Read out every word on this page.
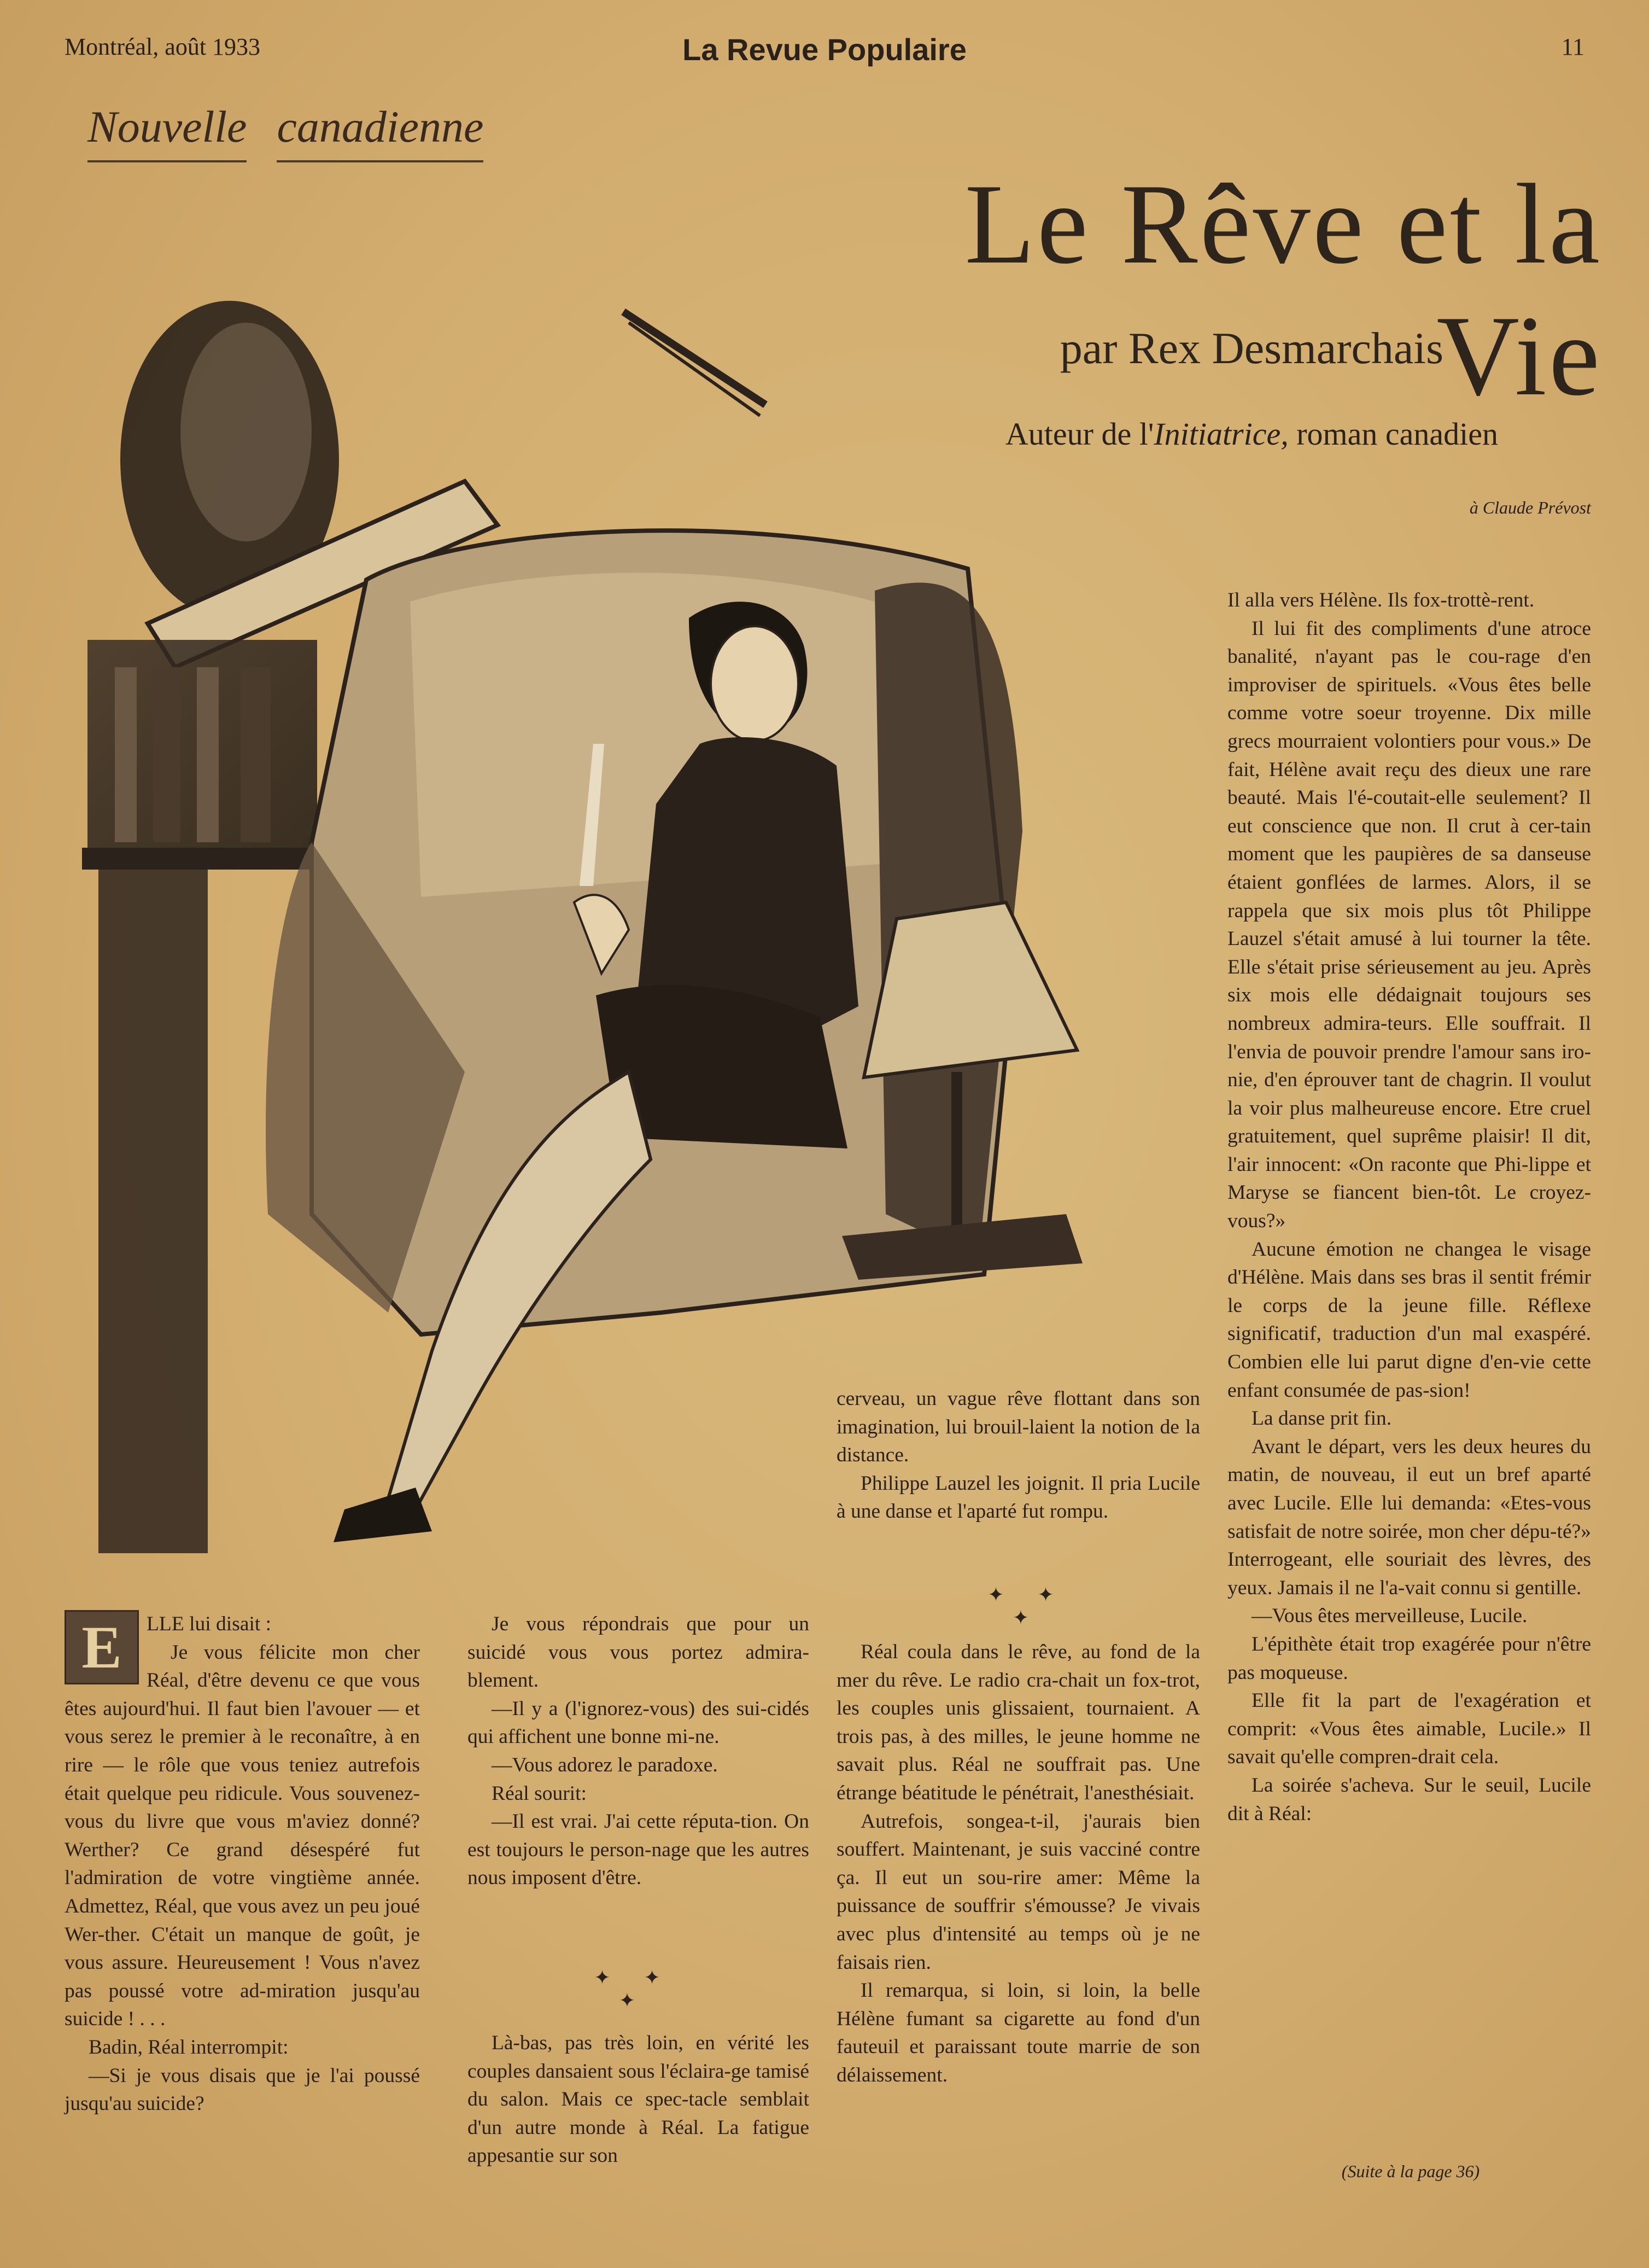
Montréal, août 1933	La Revue Populaire	11
Nouvelle canadienne
Le Rêve et la Vie
par Rex Desmarchais
Auteur de l'Initiatrice, roman canadien
à Claude Prévost

Il alla vers Hélène. Ils fox-trottè-rent.

Il lui fit des compliments d'une atroce banalité, n'ayant pas le cou-rage d'en improviser de spirituels. «Vous êtes belle comme votre soeur troyenne. Dix mille grecs mourraient volontiers pour vous.» De fait, Hélène avait reçu des dieux une rare beauté. Mais l'é-coutait-elle seulement? Il eut conscience que non. Il crut à cer-tain moment que les paupières de sa danseuse étaient gonflées de larmes. Alors, il se rappela que six mois plus tôt Philippe Lauzel s'était amusé à lui tourner la tête. Elle s'était prise sérieusement au jeu. Après six mois elle dédaignait toujours ses nombreux admira-teurs. Elle souffrait. Il l'envia de pouvoir prendre l'amour sans iro-nie, d'en éprouver tant de chagrin. Il voulut la voir plus malheureuse encore. Etre cruel gratuitement, quel suprême plaisir! Il dit, l'air innocent: «On raconte que Phi-lippe et Maryse se fiancent bien-tôt. Le croyez-vous?»

Aucune émotion ne changea le visage d'Hélène. Mais dans ses bras il sentit frémir le corps de la jeune fille. Réflexe significatif, traduction d'un mal exaspéré. Combien elle lui parut digne d'en-vie cette enfant consumée de pas-sion!

La danse prit fin.

Avant le départ, vers les deux heures du matin, de nouveau, il eut un bref aparté avec Lucile. Elle lui demanda: «Etes-vous satisfait de notre soirée, mon cher dépu-té?» Interrogeant, elle souriait des lèvres, des yeux. Jamais il ne l'a-vait connu si gentille.

—Vous êtes merveilleuse, Lucile.

L'épithète était trop exagérée pour n'être pas moqueuse.

Elle fit la part de l'exagération et comprit: «Vous êtes aimable, Lucile.» Il savait qu'elle compren-drait cela.

La soirée s'acheva. Sur le seuil, Lucile dit à Réal:

(Suite à la page 36)

cerveau, un vague rêve flottant dans son imagination, lui brouil-laient la notion de la distance.

Philippe Lauzel les joignit. Il pria Lucile à une danse et l'aparté fut rompu.

✦ ✦ ✦

Réal coula dans le rêve, au fond de la mer du rêve. Le radio cra-chait un fox-trot, les couples unis glissaient, tournaient. A trois pas, à des milles, le jeune homme ne savait plus. Réal ne souffrait pas. Une étrange béatitude le pénétrait, l'anesthésiait.

Autrefois, songea-t-il, j'aurais bien souffert. Maintenant, je suis vacciné contre ça. Il eut un sou-rire amer: Même la puissance de souffrir s'émousse? Je vivais avec plus d'intensité au temps où je ne faisais rien.

Il remarqua, si loin, si loin, la belle Hélène fumant sa cigarette au fond d'un fauteuil et paraissant toute marrie de son délaissement.

E	LLE lui disait :

Je vous félicite mon cher Réal, d'être devenu ce que vous êtes aujourd'hui. Il faut bien l'avouer — et vous serez le premier à le reconaître, à en rire — le rôle que vous teniez autrefois était quelque peu ridicule. Vous souvenez-vous du livre que vous m'aviez donné? Werther? Ce grand désespéré fut l'admiration de votre vingtième année. Admettez, Réal, que vous avez un peu joué Wer-ther. C'était un manque de goût, je vous assure. Heureusement ! Vous n'avez pas poussé votre ad-miration jusqu'au suicide ! . . .

Badin, Réal interrompit:

—Si je vous disais que je l'ai poussé jusqu'au suicide?

Je vous répondrais que pour un suicidé vous vous portez admira-blement.

—Il y a (l'ignorez-vous) des sui-cidés qui affichent une bonne mi-ne.

—Vous adorez le paradoxe.

Réal sourit:

—Il est vrai. J'ai cette réputa-tion. On est toujours le person-nage que les autres nous imposent d'être.

✦ ✦ ✦

Là-bas, pas très loin, en vérité les couples dansaient sous l'éclaira-ge tamisé du salon. Mais ce spec-tacle semblait d'un autre monde à Réal. La fatigue appesantie sur son
